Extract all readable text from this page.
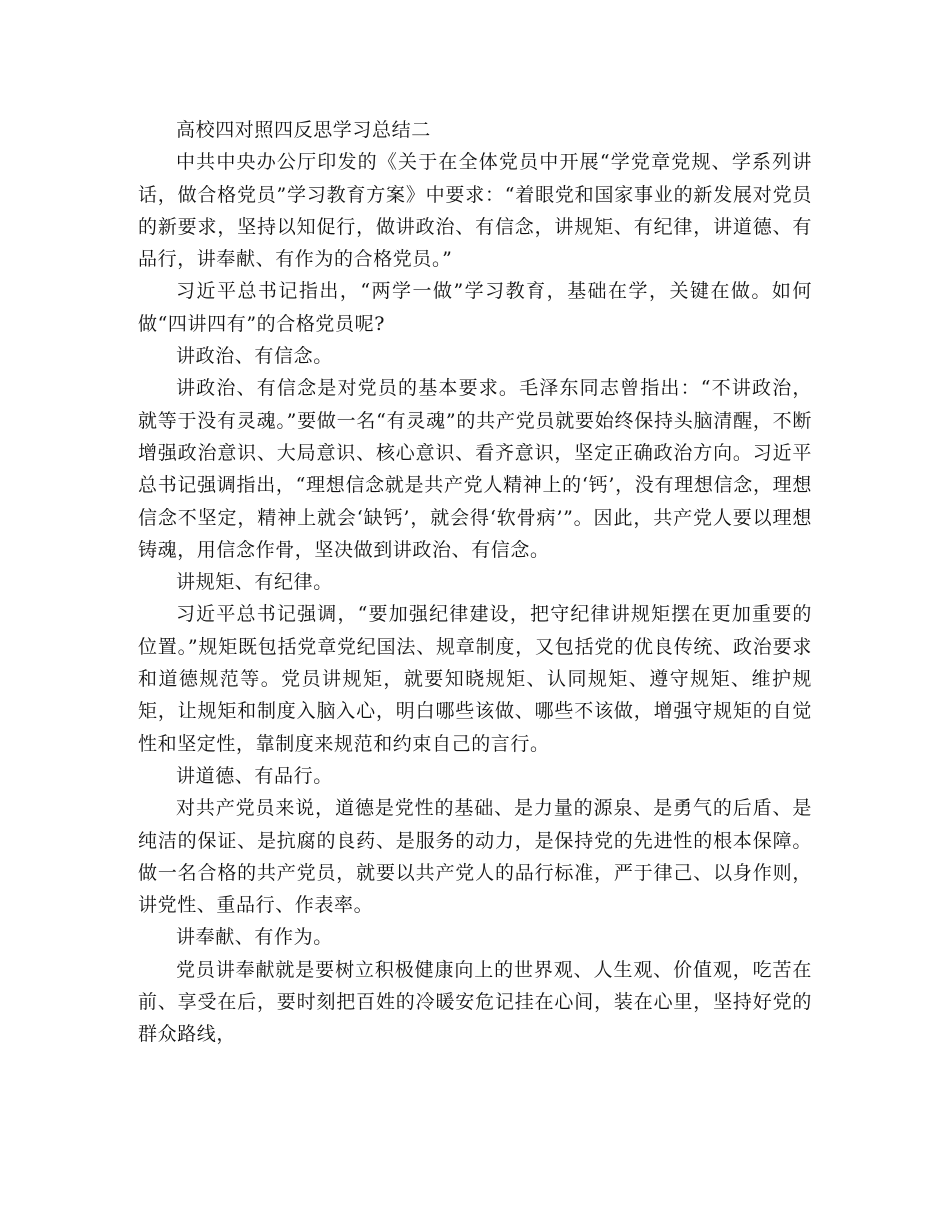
高校四对照四反思学习总结二

中共中央办公厅印发的《关于在全体党员中开展“学党章党规、学系列讲话，做合格党员”学习教育方案》中要求：“着眼党和国家事业的新发展对党员的新要求，坚持以知促行，做讲政治、有信念，讲规矩、有纪律，讲道德、有品行，讲奉献、有作为的合格党员。”

习近平总书记指出，“两学一做”学习教育，基础在学，关键在做。如何做“四讲四有”的合格党员呢?

讲政治、有信念。

讲政治、有信念是对党员的基本要求。毛泽东同志曾指出：“不讲政治，就等于没有灵魂。”要做一名“有灵魂”的共产党员就要始终保持头脑清醒，不断增强政治意识、大局意识、核心意识、看齐意识，坚定正确政治方向。习近平总书记强调指出，“理想信念就是共产党人精神上的‘钙’，没有理想信念，理想信念不坚定，精神上就会‘缺钙’，就会得‘软骨病’”。因此，共产党人要以理想铸魂，用信念作骨，坚决做到讲政治、有信念。

讲规矩、有纪律。

习近平总书记强调，“要加强纪律建设，把守纪律讲规矩摆在更加重要的位置。”规矩既包括党章党纪国法、规章制度，又包括党的优良传统、政治要求和道德规范等。党员讲规矩，就要知晓规矩、认同规矩、遵守规矩、维护规矩，让规矩和制度入脑入心，明白哪些该做、哪些不该做，增强守规矩的自觉性和坚定性，靠制度来规范和约束自己的言行。

讲道德、有品行。

对共产党员来说，道德是党性的基础、是力量的源泉、是勇气的后盾、是纯洁的保证、是抗腐的良药、是服务的动力，是保持党的先进性的根本保障。做一名合格的共产党员，就要以共产党人的品行标准，严于律己、以身作则，讲党性、重品行、作表率。

讲奉献、有作为。

党员讲奉献就是要树立积极健康向上的世界观、人生观、价值观，吃苦在前、享受在后，要时刻把百姓的冷暖安危记挂在心间，装在心里，坚持好党的群众路线，
